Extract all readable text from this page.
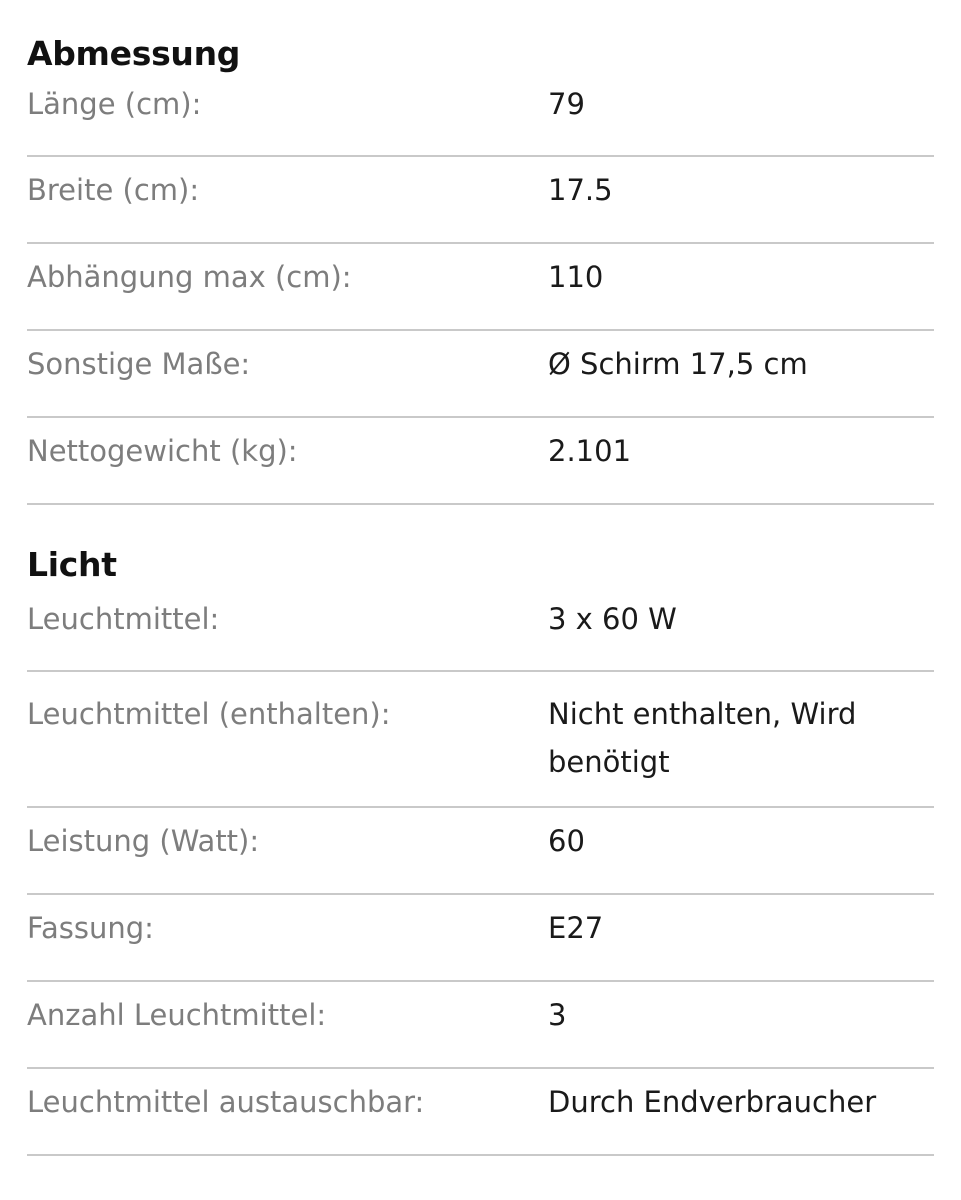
Abmessung
Länge (cm):	79
Breite (cm):	17.5
Abhängung max (cm):	110
Sonstige Maße:	Ø Schirm 17,5 cm
Nettogewicht (kg):	2.101
Licht
Leuchtmittel:	3 x 60 W
Leuchtmittel (enthalten):	Nicht enthalten, Wird benötigt
Leistung (Watt):	60
Fassung:	E27
Anzahl Leuchtmittel:	3
Leuchtmittel austauschbar:	Durch Endverbraucher
